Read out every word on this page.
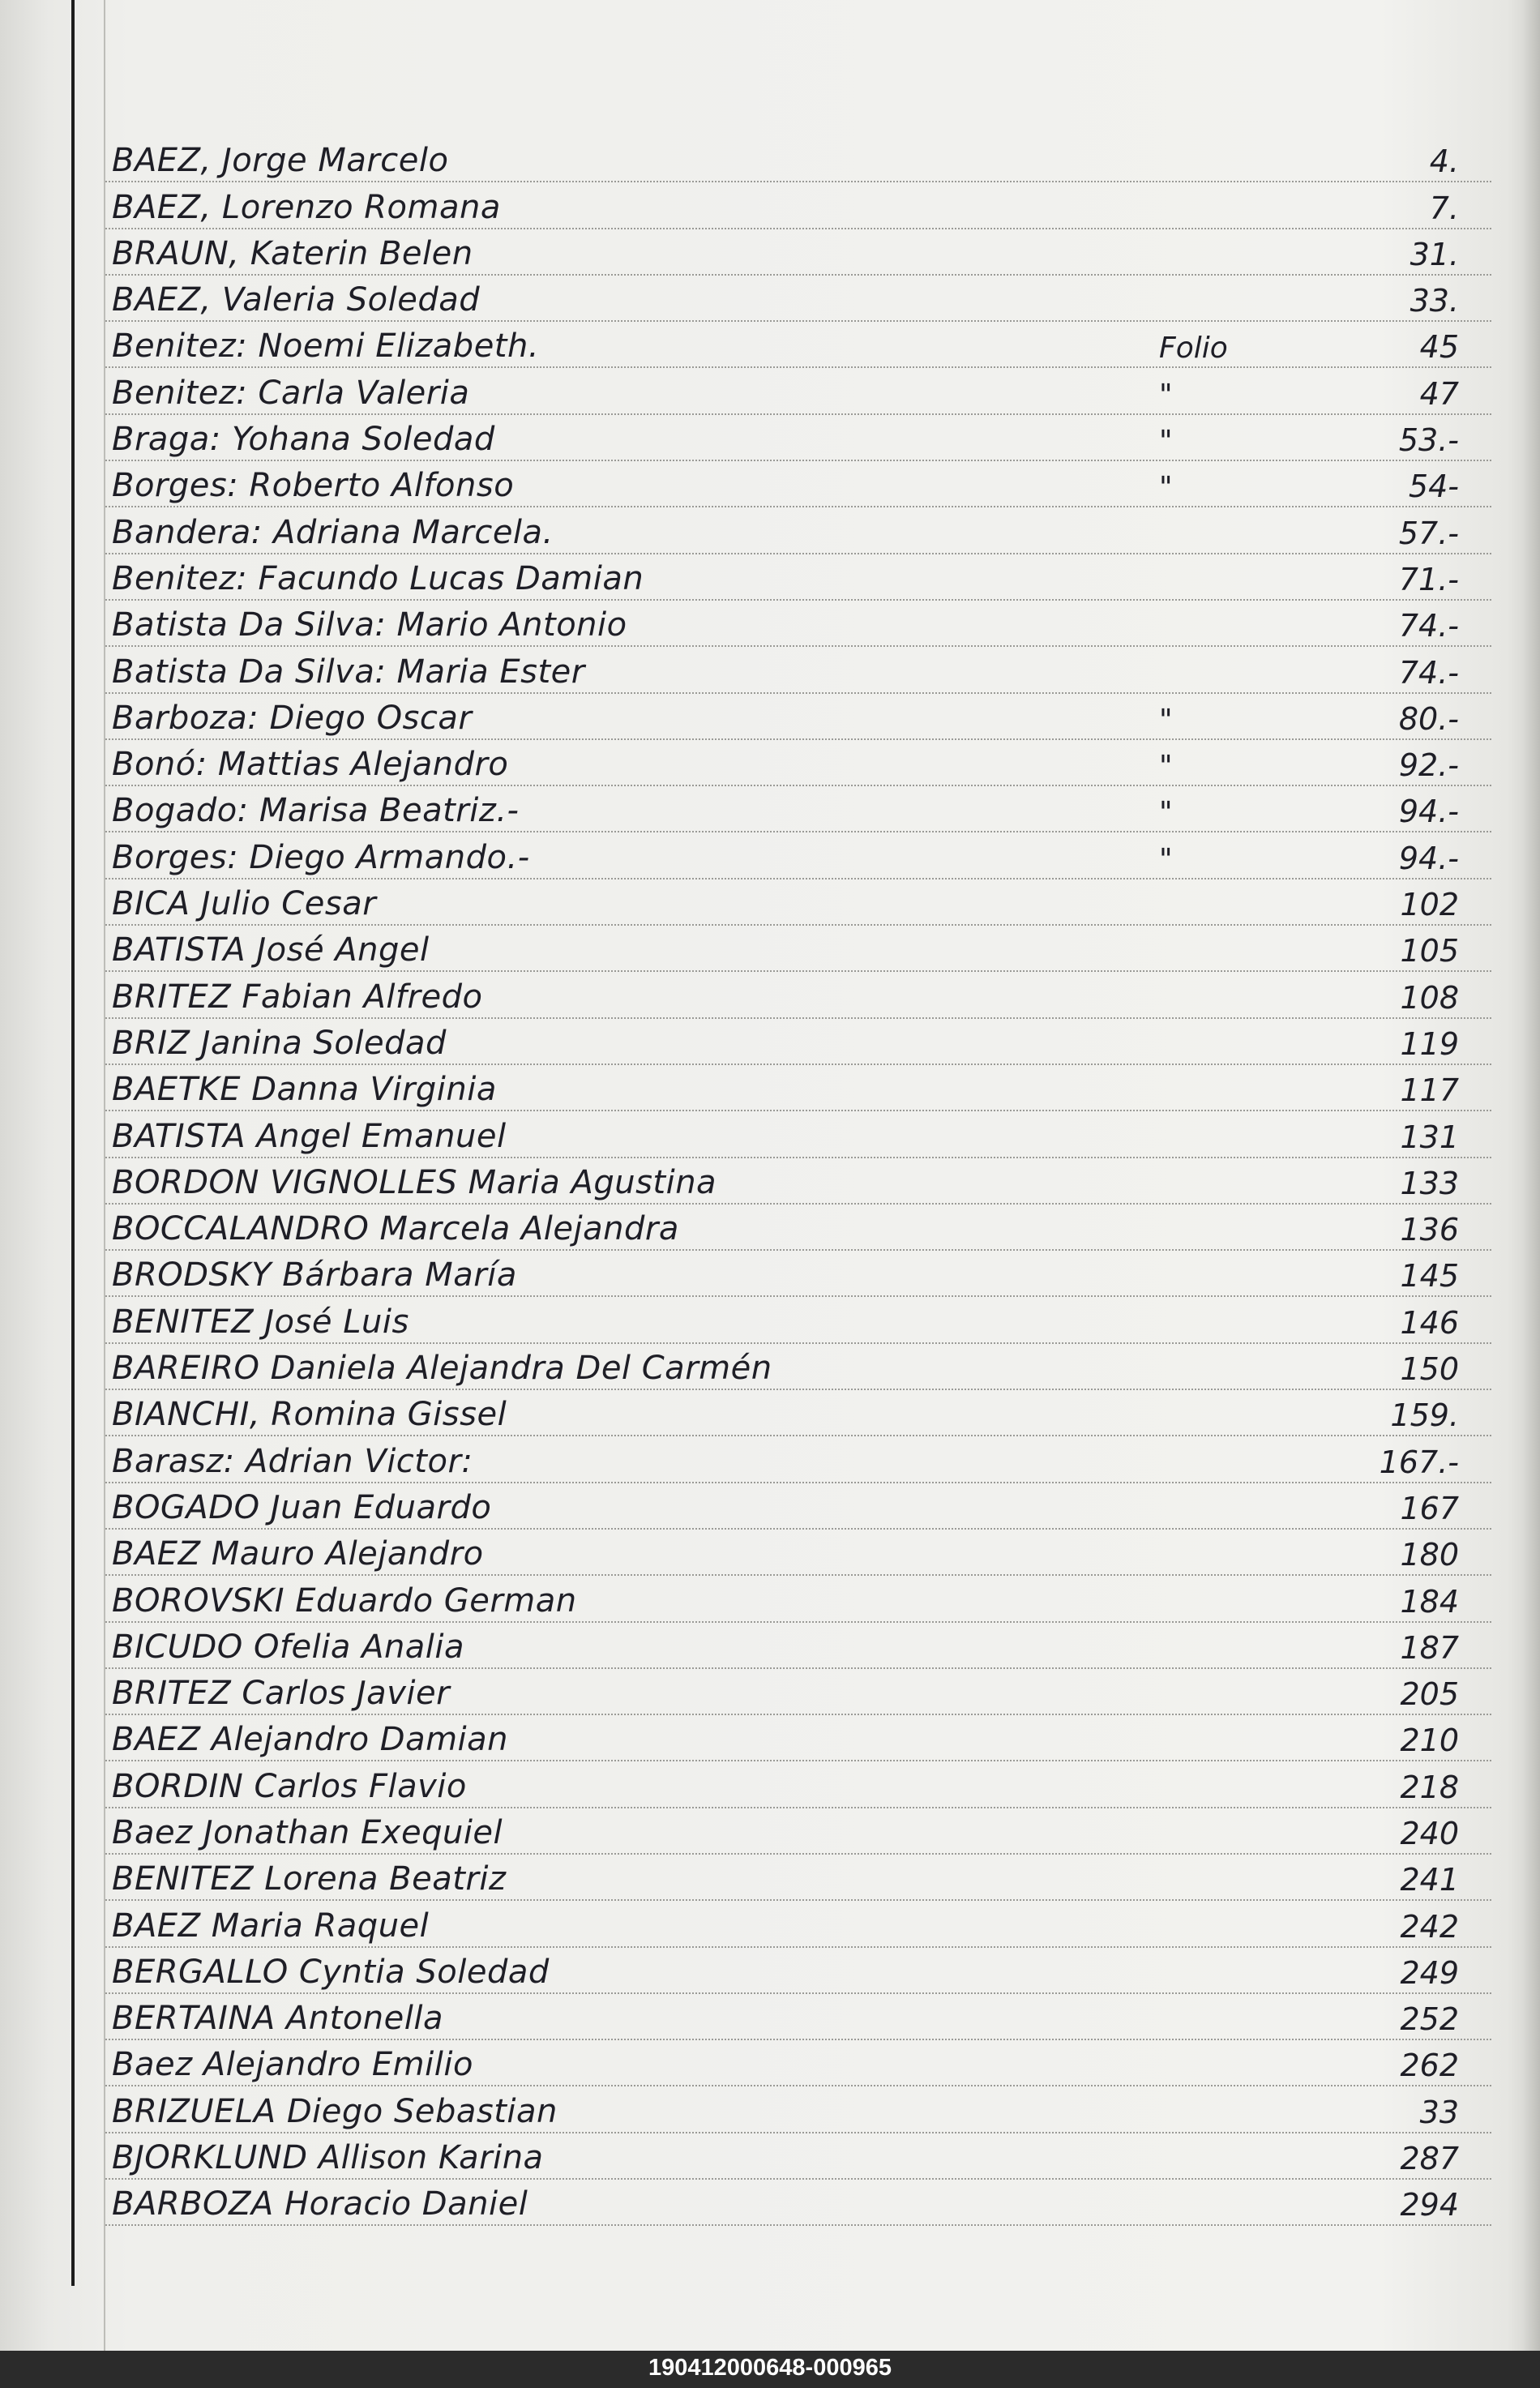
BAEZ, Jorge Marcelo	4.
BAEZ, Lorenzo Romana	7.
BRAUN, Katerin Belen	31.
BAEZ, Valeria Soledad	33.
Benitez: Noemi Elizabeth.	Folio	45
Benitez: Carla Valeria	"	47
Braga: Yohana Soledad	"	53.-
Borges: Roberto Alfonso	"	54-
Bandera: Adriana Marcela.	57.-
Benitez: Facundo Lucas Damian	71.-
Batista Da Silva: Mario Antonio	74.-
Batista Da Silva: Maria Ester	74.-
Barboza: Diego Oscar	"	80.-
Bonó: Mattias Alejandro	"	92.-
Bogado: Marisa Beatriz.-	"	94.-
Borges: Diego Armando.-	"	94.-
BICA Julio Cesar	102
BATISTA José Angel	105
BRITEZ Fabian Alfredo	108
BRIZ Janina Soledad	119
BAETKE Danna Virginia	117
BATISTA Angel Emanuel	131
BORDON VIGNOLLES Maria Agustina	133
BOCCALANDRO Marcela Alejandra	136
BRODSKY Bárbara María	145
BENITEZ José Luis	146
BAREIRO Daniela Alejandra Del Carmén	150
BIANCHI, Romina Gissel	159.
Barasz: Adrian Victor:	167.-
BOGADO Juan Eduardo	167
BAEZ Mauro Alejandro	180
BOROVSKI Eduardo German	184
BICUDO Ofelia Analia	187
BRITEZ Carlos Javier	205
BAEZ Alejandro Damian	210
BORDIN Carlos Flavio	218
Baez Jonathan Exequiel	240
BENITEZ Lorena Beatriz	241
BAEZ Maria Raquel	242
BERGALLO Cyntia Soledad	249
BERTAINA Antonella	252
Baez Alejandro Emilio	262
BRIZUELA Diego Sebastian	33
BJORKLUND Allison Karina	287
BARBOZA Horacio Daniel	294
190412000648-000965
